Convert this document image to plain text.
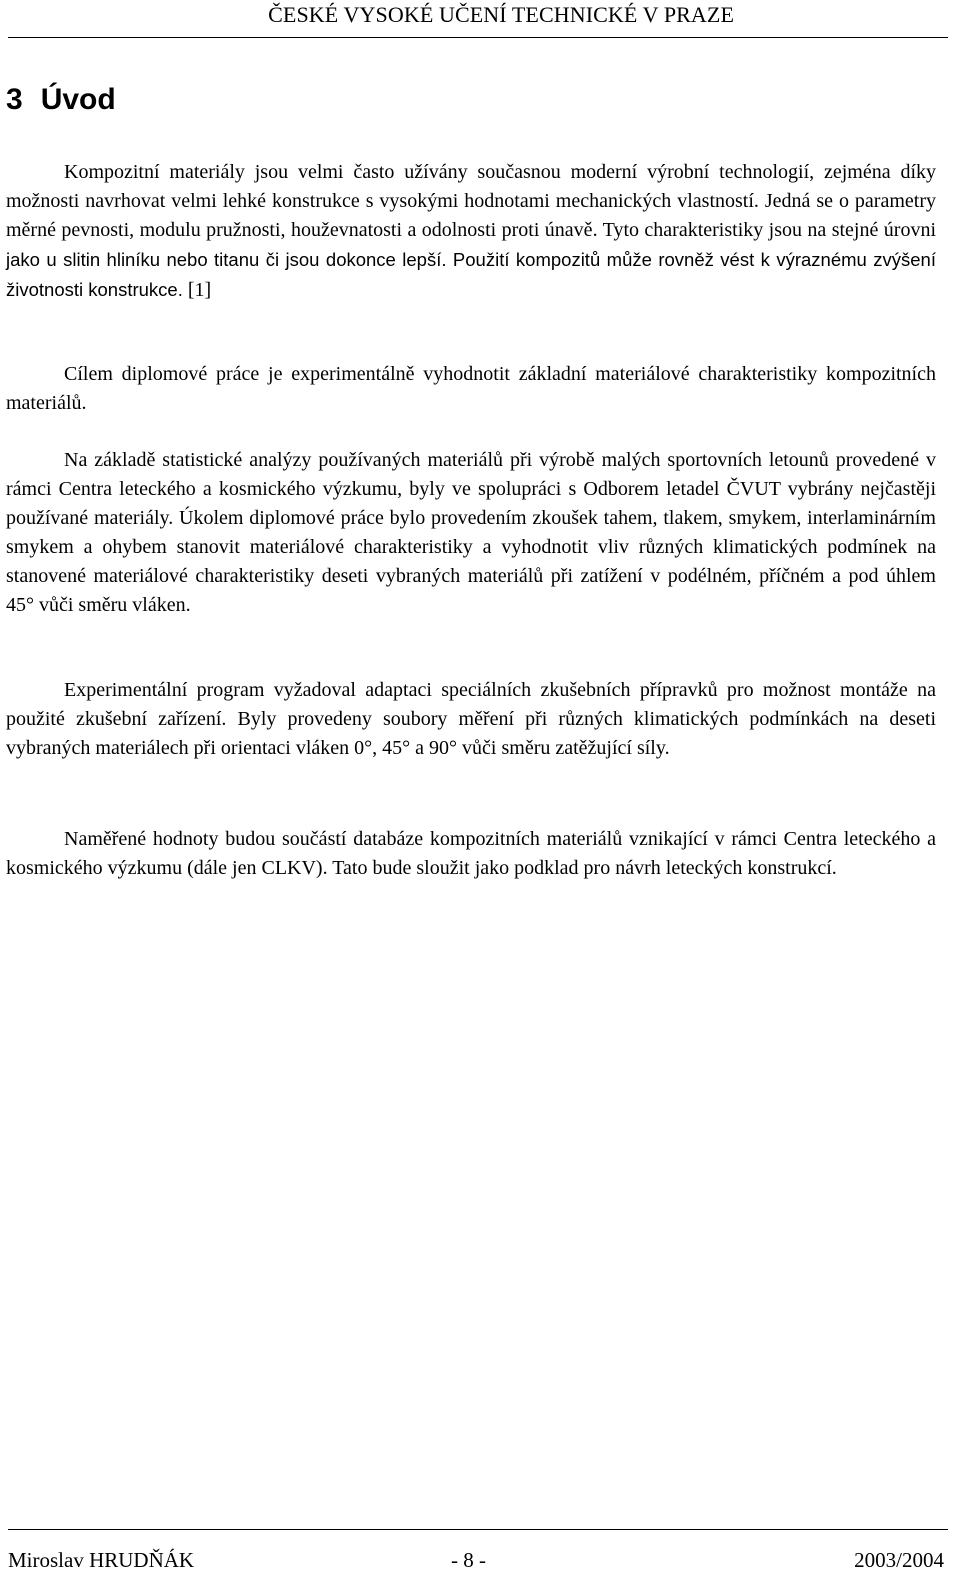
ČESKÉ VYSOKÉ UČENÍ TECHNICKÉ V PRAZE
3 Úvod
Kompozitní materiály jsou velmi často užívány současnou moderní výrobní technologií, zejména díky možnosti navrhovat velmi lehké konstrukce s vysokými hodnotami mechanických vlastností. Jedná se o parametry měrné pevnosti, modulu pružnosti, houževnatosti a odolnosti proti únavě. Tyto charakteristiky jsou na stejné úrovni jako u slitin hliníku nebo titanu či jsou dokonce lepší. Použití kompozitů může rovněž vést k výraznému zvýšení životnosti konstrukce. [1]
Cílem diplomové práce je experimentálně vyhodnotit základní materiálové charakteristiky kompozitních materiálů.
Na základě statistické analýzy používaných materiálů při výrobě malých sportovních letounů provedené v rámci Centra leteckého a kosmického výzkumu, byly ve spolupráci s Odborem letadel ČVUT vybrány nejčastěji používané materiály. Úkolem diplomové práce bylo provedením zkoušek tahem, tlakem, smykem, interlaminárním smykem a ohybem stanovit materiálové charakteristiky a vyhodnotit vliv různých klimatických podmínek na stanovené materiálové charakteristiky deseti vybraných materiálů při zatížení v podélném, příčném a pod úhlem 45° vůči směru vláken.
Experimentální program vyžadoval adaptaci speciálních zkušebních přípravků pro možnost montáže na použité zkušební zařízení. Byly provedeny soubory měření při různých klimatických podmínkách na deseti vybraných materiálech při orientaci vláken 0°, 45° a 90° vůči směru zatěžující síly.
Naměřené hodnoty budou součástí databáze kompozitních materiálů vznikající v rámci Centra leteckého a kosmického výzkumu (dále jen CLKV). Tato bude sloužit jako podklad pro návrh leteckých konstrukcí.
Miroslav HRUDŇÁK	- 8 -	2003/2004
